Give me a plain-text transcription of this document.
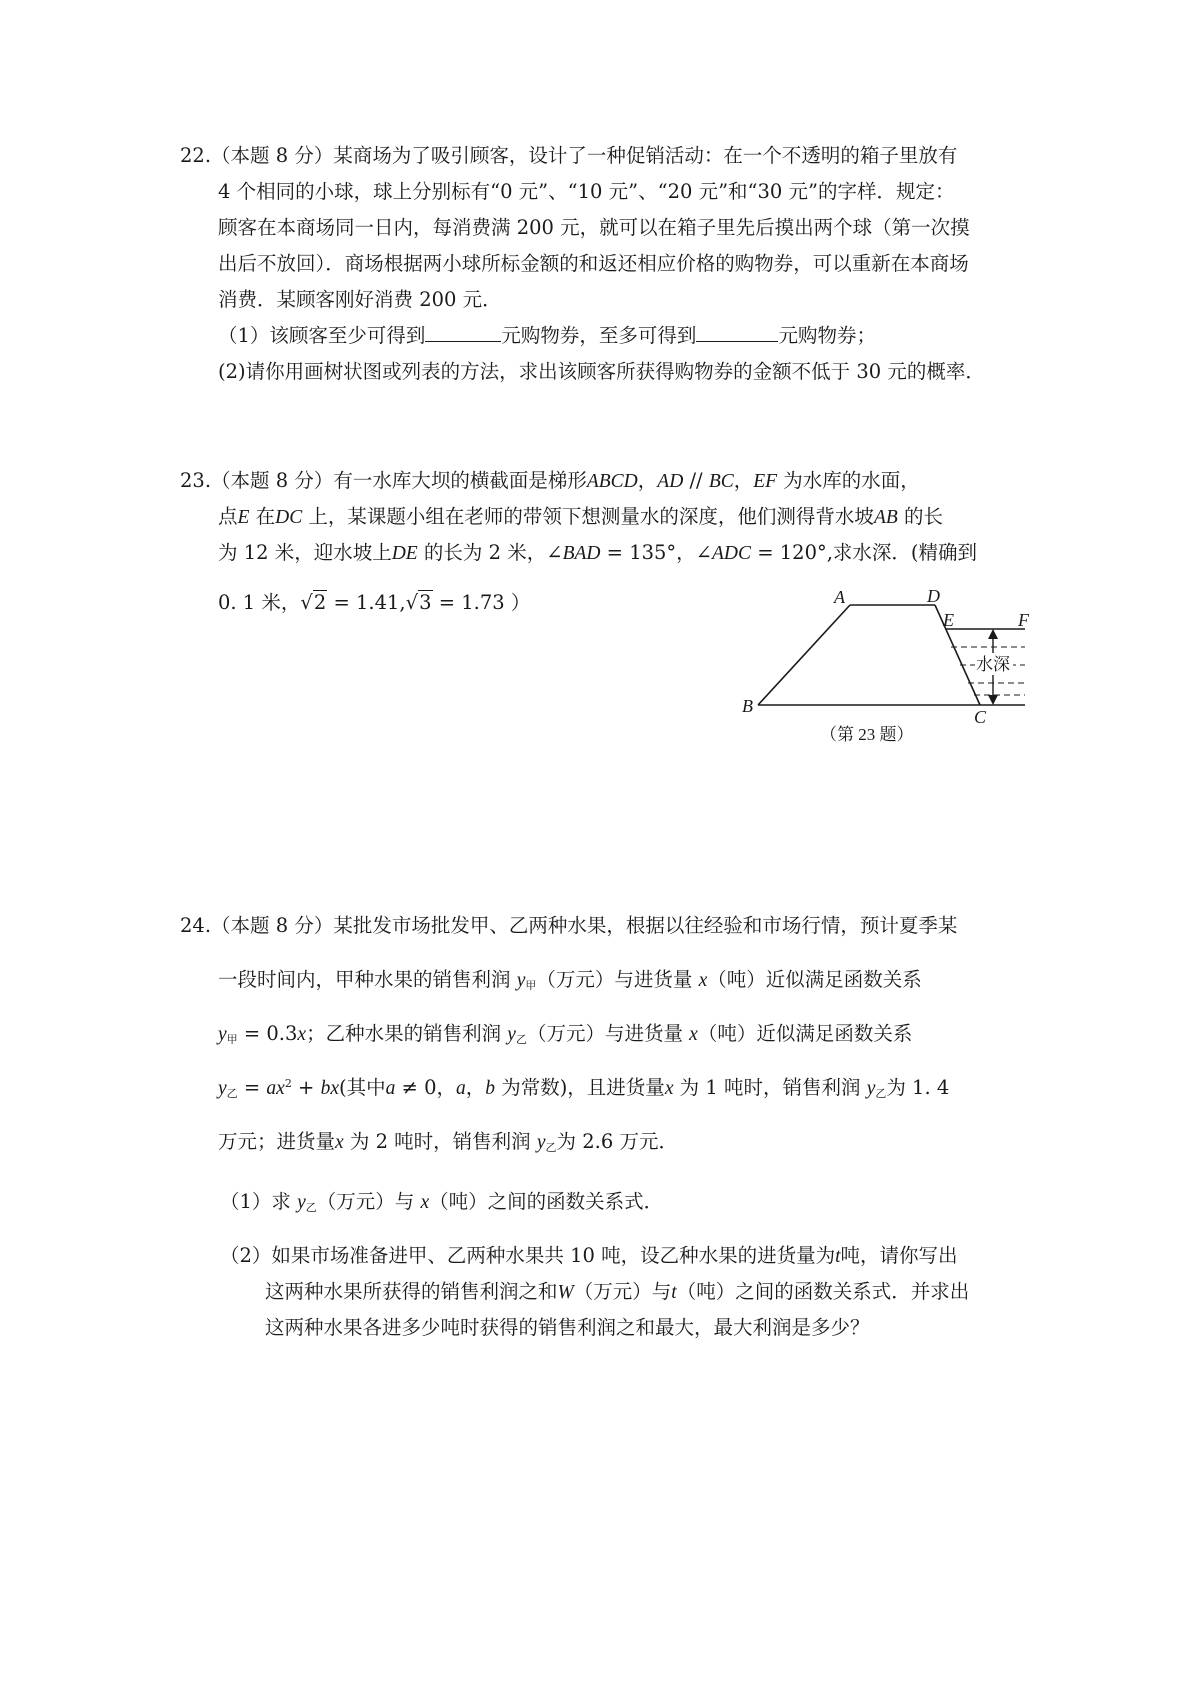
22.（本题 8 分）某商场为了吸引顾客，设计了一种促销活动：在一个不透明的箱子里放有
4 个相同的小球，球上分别标有“0 元”、“10 元”、“20 元”和“30 元”的字样．规定：
顾客在本商场同一日内，每消费满 200 元，就可以在箱子里先后摸出两个球（第一次摸
出后不放回）．商场根据两小球所标金额的和返还相应价格的购物券，可以重新在本商场
消费．某顾客刚好消费 200 元．
（1）该顾客至少可得到	元购物券，至多可得到	元购物券；
(2)请你用画树状图或列表的方法，求出该顾客所获得购物券的金额不低于 30 元的概率．
23.（本题 8 分）有一水库大坝的横截面是梯形ABCD，AD // BC，EF 为水库的水面，
点E 在DC 上，某课题小组在老师的带领下想测量水的深度，他们测得背水坡AB 的长
为 12 米，迎水坡上DE 的长为 2 米，∠BAD = 135°，∠ADC = 120°,求水深．(精确到
0. 1 米，√2 = 1.41,√3 = 1.73 ）
水深
A	D
E	F
B
C
（第 23 题）
24.（本题 8 分）某批发市场批发甲、乙两种水果，根据以往经验和市场行情，预计夏季某
一段时间内，甲种水果的销售利润 $y_甲$（万元）与进货量 x（吨）近似满足函数关系
$y_甲 = 0.3x$；乙种水果的销售利润 $y_乙$（万元）与进货量 x（吨）近似满足函数关系
$y_乙 = ax^2 + bx$(其中a ≠ 0，a，b 为常数)，且进货量x 为 1 吨时，销售利润 $y_乙$为 1. 4
万元；进货量x 为 2 吨时，销售利润 $y_乙$为 2.6 万元．
（1）求 $y_乙$（万元）与 x（吨）之间的函数关系式．
（2）如果市场准备进甲、乙两种水果共 10 吨，设乙种水果的进货量为t吨，请你写出
这两种水果所获得的销售利润之和W（万元）与t（吨）之间的函数关系式．并求出
这两种水果各进多少吨时获得的销售利润之和最大，最大利润是多少？
